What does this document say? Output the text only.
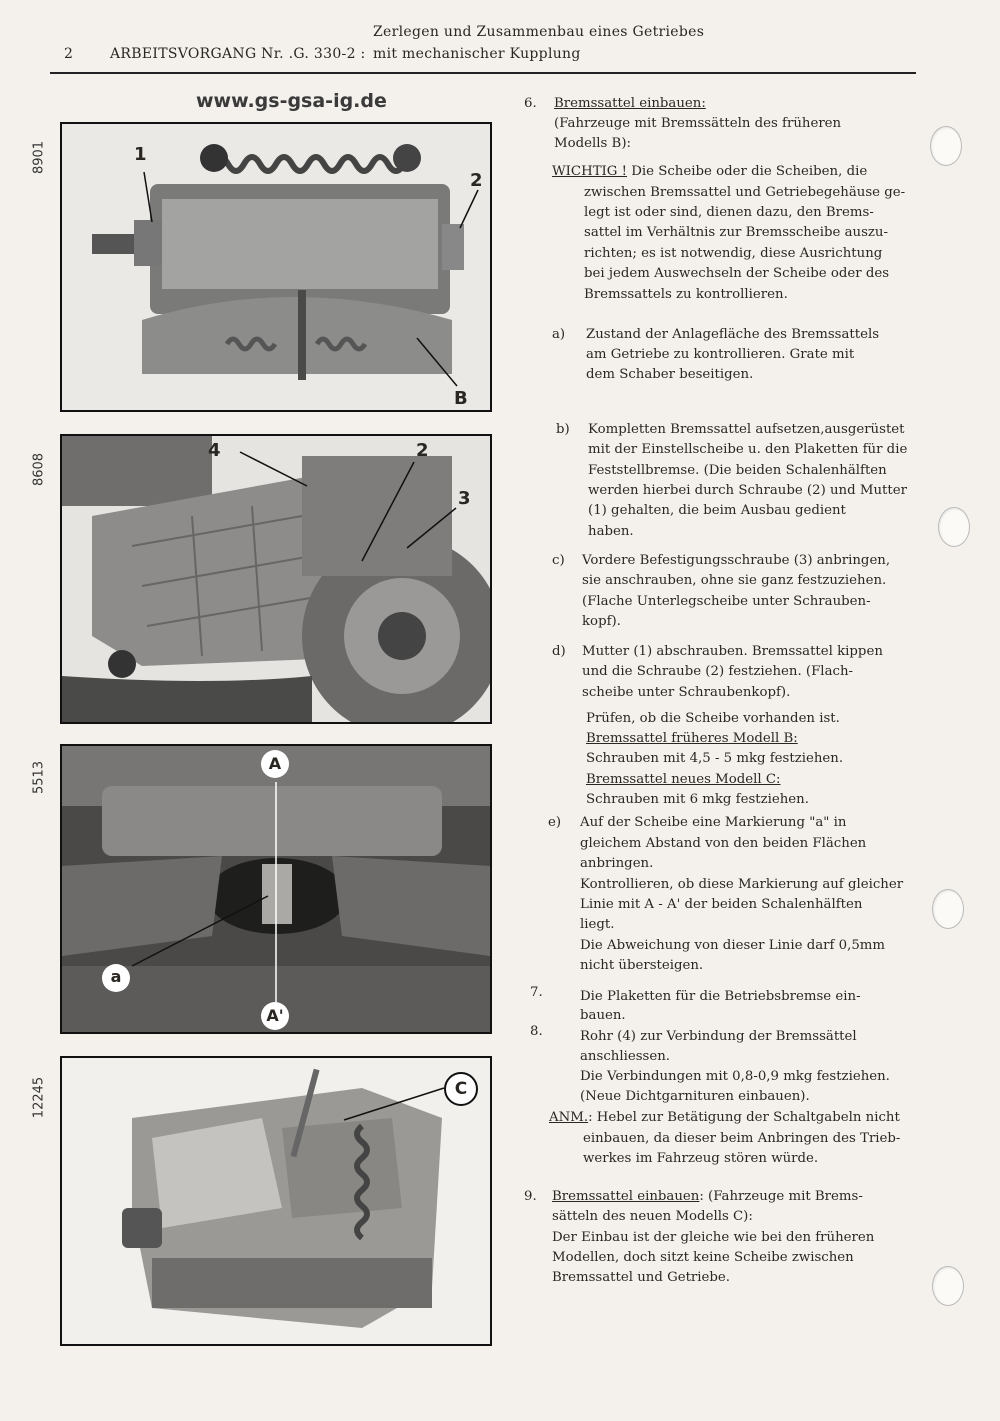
2	ARBEITSVORGANG Nr. .G. 330-2 :
Zerlegen und Zusammenbau eines Getriebes
mit mechanischer Kupplung
www.gs-gsa-ig.de
8901
8608
5513
12245
1
2
B
4	2
3
A
a
A'
C
6. Bremssattel einbauen:
(Fahrzeuge mit Bremssätteln des früheren
Modells B):
WICHTIG ! Die Scheibe oder die Scheiben, die
zwischen Bremssattel und Getriebegehäuse ge-
legt ist oder sind, dienen dazu, den Brems-
sattel im Verhältnis zur Bremsscheibe auszu-
richten; es ist notwendig, diese Ausrichtung
bei jedem Auswechseln der Scheibe oder des
Bremssattels zu kontrollieren.
a) Zustand der Anlagefläche des Bremssattels
am Getriebe zu kontrollieren. Grate mit
dem Schaber beseitigen.
b) Kompletten Bremssattel aufsetzen,ausgerüstet
mit der Einstellscheibe u. den Plaketten für die
Feststellbremse. (Die beiden Schalenhälften
werden hierbei durch Schraube (2) und Mutter
(1) gehalten, die beim Ausbau gedient
haben.
c) Vordere Befestigungsschraube (3) anbringen,
sie anschrauben, ohne sie ganz festzuziehen.
(Flache Unterlegscheibe unter Schrauben-
kopf).
d) Mutter (1) abschrauben. Bremssattel kippen
und die Schraube (2) festziehen. (Flach-
scheibe unter Schraubenkopf).
Prüfen, ob die Scheibe vorhanden ist.
Bremssattel früheres Modell B:
Schrauben mit 4,5 - 5 mkg festziehen.
Bremssattel neues Modell C:
Schrauben mit 6 mkg festziehen.
e) Auf der Scheibe eine Markierung "a" in
gleichem Abstand von den beiden Flächen
anbringen.
Kontrollieren, ob diese Markierung auf gleicher
Linie mit A - A' der beiden Schalenhälften
liegt.
Die Abweichung von dieser Linie darf 0,5mm
nicht übersteigen.
7.	Die Plaketten für die Betriebsbremse ein-
bauen.
8.	Rohr (4) zur Verbindung der Bremssättel
anschliessen.
Die Verbindungen mit 0,8-0,9 mkg festziehen.
(Neue Dichtgarnituren einbauen).
ANM.: Hebel zur Betätigung der Schaltgabeln nicht
einbauen, da dieser beim Anbringen des Trieb-
werkes im Fahrzeug stören würde.
9. Bremssattel einbauen: (Fahrzeuge mit Brems-
sätteln des neuen Modells C):
Der Einbau ist der gleiche wie bei den früheren
Modellen, doch sitzt keine Scheibe zwischen
Bremssattel und Getriebe.
